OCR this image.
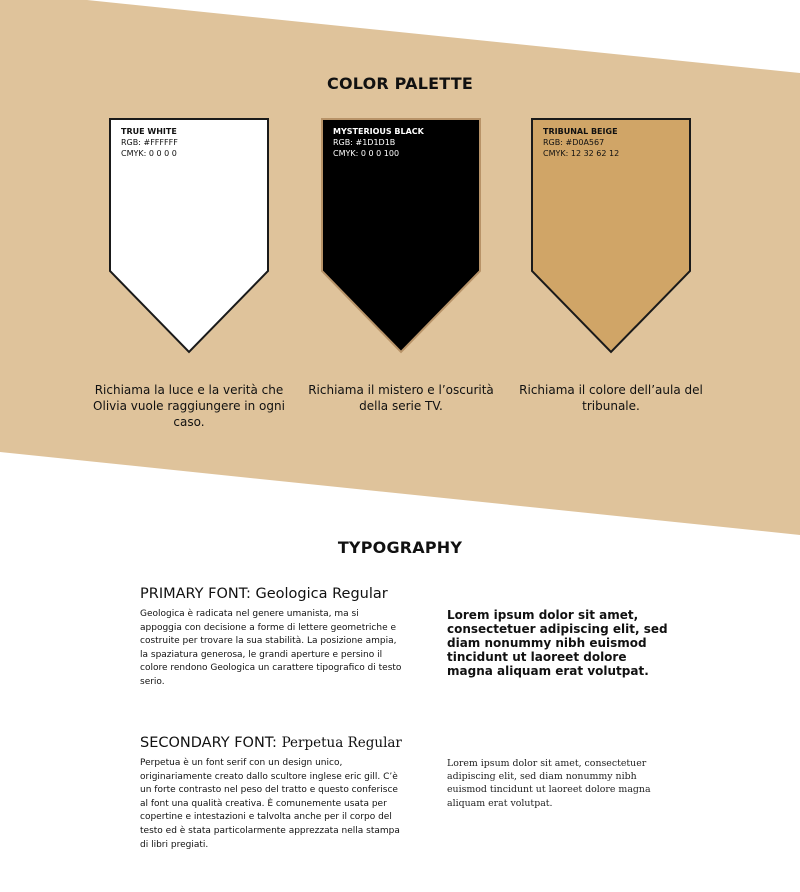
COLOR PALETTE
TRUE WHITE
RGB: #FFFFFF
CMYK: 0 0 0 0
Richiama la luce e la verità che Olivia vuole raggiungere in ogni caso.
MYSTERIOUS BLACK
RGB: #1D1D1B
CMYK: 0 0 0 100
Richiama il mistero e l’oscurità della serie TV.
TRIBUNAL BEIGE
RGB: #D0A567
CMYK: 12 32 62 12
Richiama il colore dell’aula del tribunale.
TYPOGRAPHY
PRIMARY FONT: Geologica Regular
Geologica è radicata nel genere umanista, ma si appoggia con decisione a forme di lettere geometriche e costruite per trovare la sua stabilità. La posizione ampia, la spaziatura generosa, le grandi aperture e persino il colore rendono Geologica un carattere tipografico di testo serio.
Lorem ipsum dolor sit amet, consectetuer adipiscing elit, sed diam nonummy nibh euismod tincidunt ut laoreet dolore magna aliquam erat volutpat.
SECONDARY FONT: Perpetua Regular
Perpetua è un font serif con un design unico, originariamente creato dallo scultore inglese eric gill. C’è un forte contrasto nel peso del tratto e questo conferisce al font una qualità creativa. È comunemente usata per copertine e intestazioni e talvolta anche per il corpo del testo ed è stata particolarmente apprezzata nella stampa di libri pregiati.
Lorem ipsum dolor sit amet, consectetuer adipiscing elit, sed diam nonummy nibh euismod tincidunt ut laoreet dolore magna aliquam erat volutpat.
